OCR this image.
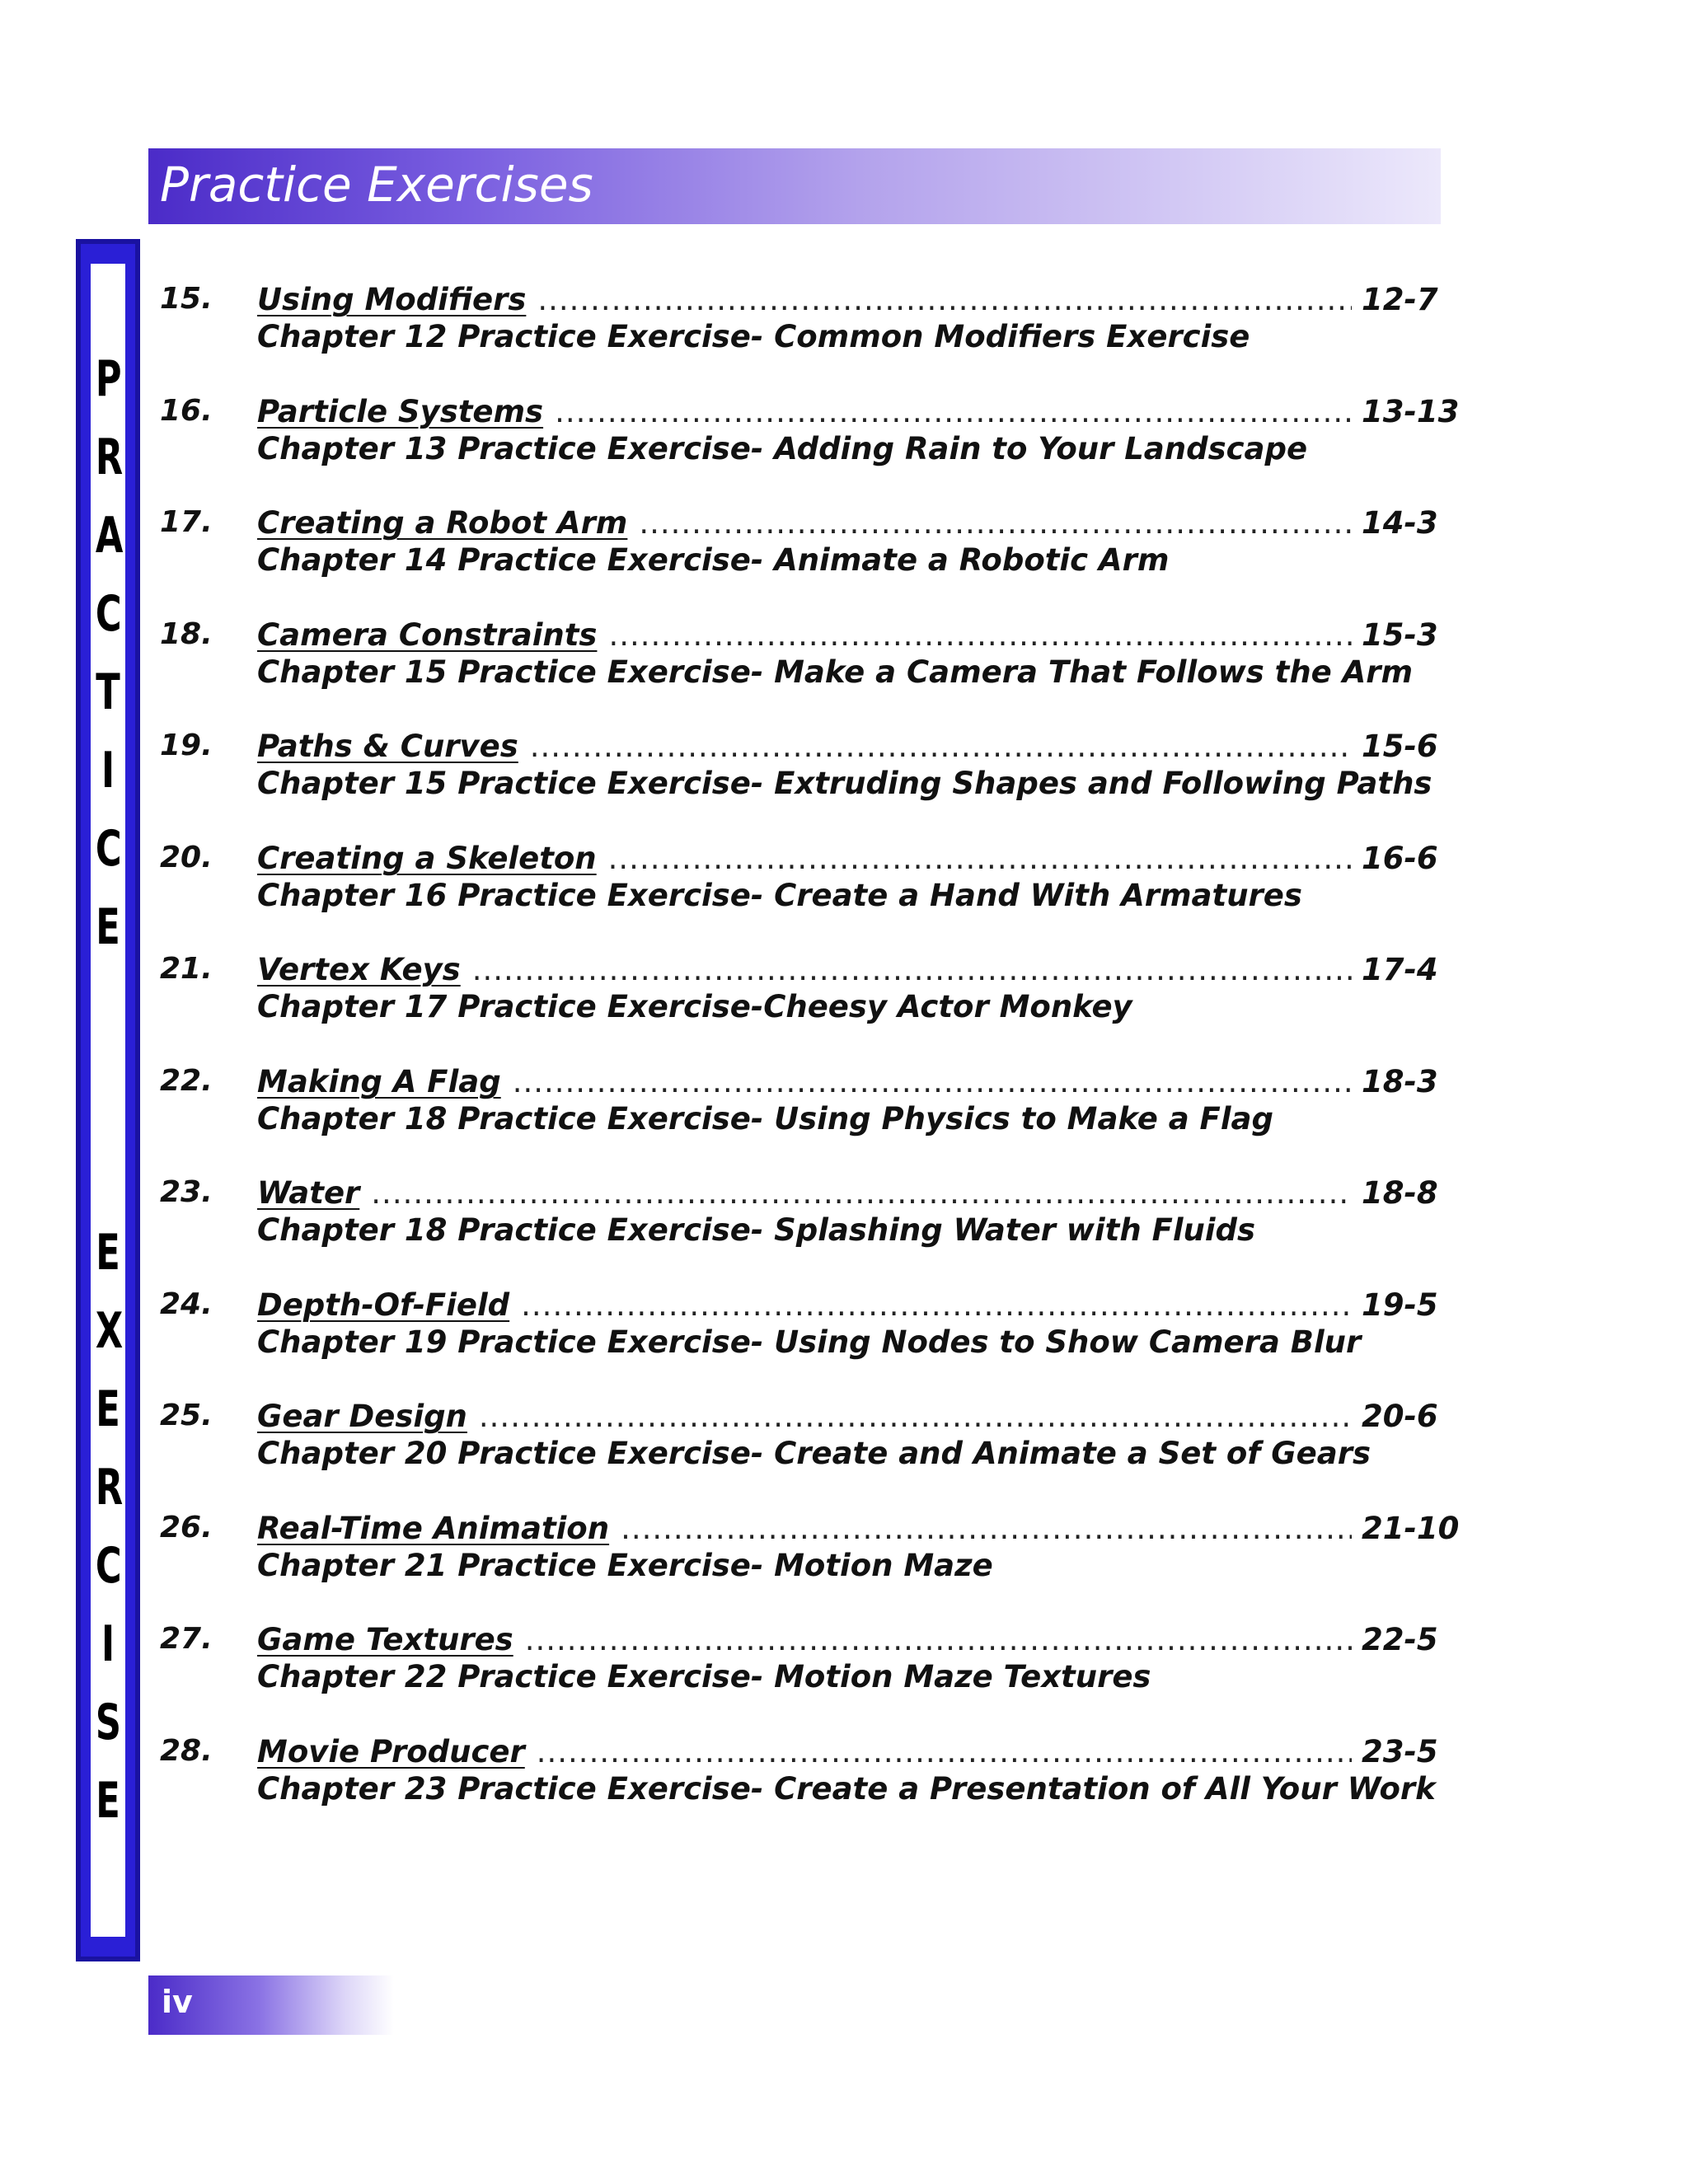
Practice Exercises
P
R
A
C
T
I
C
E
E
X
E
R
C
I
S
E
15.	Using Modifiers .....	12-7
Chapter 12 Practice Exercise- Common Modifiers Exercise
16.	Particle Systems .....	13-13
Chapter 13 Practice Exercise- Adding Rain to Your Landscape
17.	Creating a Robot Arm .....	14-3
Chapter 14 Practice Exercise- Animate a Robotic Arm
18.	Camera Constraints .....	15-3
Chapter 15 Practice Exercise- Make a Camera That Follows the Arm
19.	Paths & Curves .....	15-6
Chapter 15 Practice Exercise- Extruding Shapes and Following Paths
20.	Creating a Skeleton .....	16-6
Chapter 16 Practice Exercise- Create a Hand With Armatures
21.	Vertex Keys .....	17-4
Chapter 17 Practice Exercise-Cheesy Actor Monkey
22.	Making A Flag .....	18-3
Chapter 18 Practice Exercise- Using Physics to Make a Flag
23.	Water .....	18-8
Chapter 18 Practice Exercise- Splashing Water with Fluids
24.	Depth-Of-Field .....	19-5
Chapter 19 Practice Exercise- Using Nodes to Show Camera Blur
25.	Gear Design .....	20-6
Chapter 20 Practice Exercise- Create and Animate a Set of Gears
26.	Real-Time Animation .....	21-10
Chapter 21 Practice Exercise- Motion Maze
27.	Game Textures .....	22-5
Chapter 22 Practice Exercise- Motion Maze Textures
28.	Movie Producer .....	23-5
Chapter 23 Practice Exercise- Create a Presentation of All Your Work
iv
